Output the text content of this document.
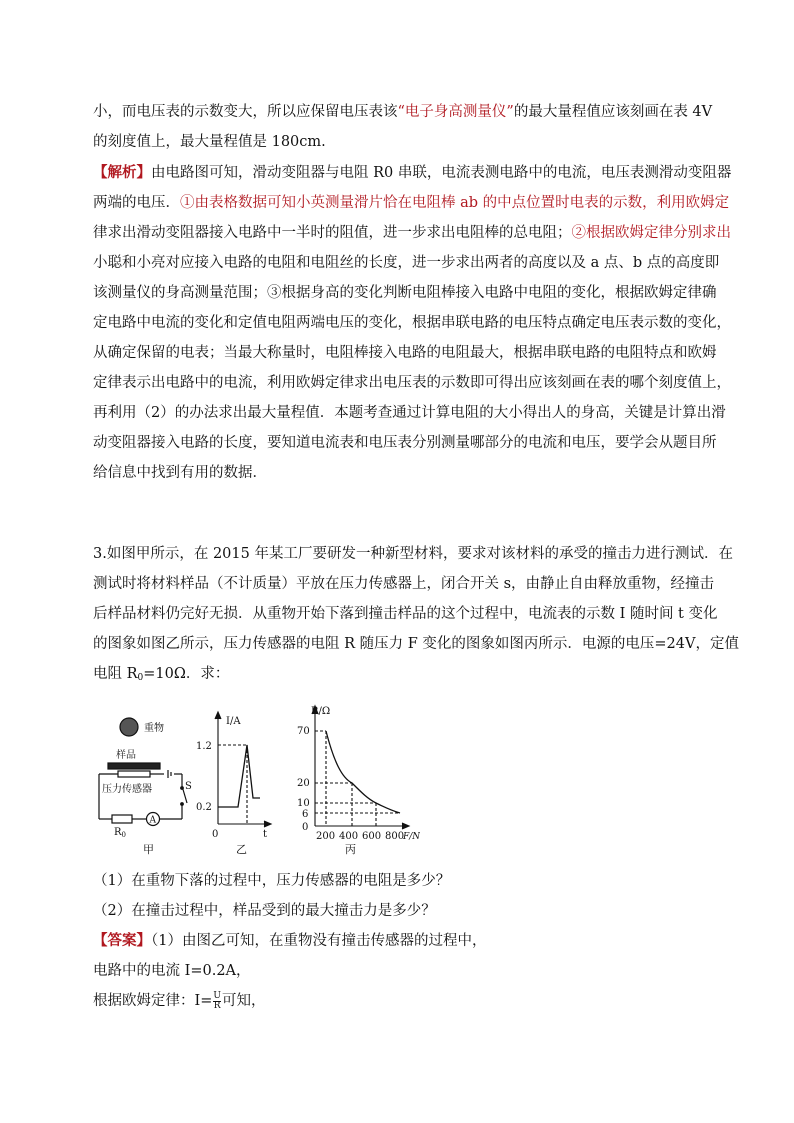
小，而电压表的示数变大，所以应保留电压表该“电子身高测量仪”的最大量程值应该刻画在表 4V
的刻度值上，最大量程值是 180cm.
【解析】由电路图可知，滑动变阻器与电阻 R0 串联，电流表测电路中的电流，电压表测滑动变阻器
两端的电压．①由表格数据可知小英测量滑片恰在电阻棒 ab 的中点位置时电表的示数，利用欧姆定
律求出滑动变阻器接入电路中一半时的阻值，进一步求出电阻棒的总电阻；②根据欧姆定律分别求出
小聪和小亮对应接入电路的电阻和电阻丝的长度，进一步求出两者的高度以及 a 点、b 点的高度即
该测量仪的身高测量范围；③根据身高的变化判断电阻棒接入电路中电阻的变化，根据欧姆定律确
定电路中电流的变化和定值电阻两端电压的变化，根据串联电路的电压特点确定电压表示数的变化，
从确定保留的电表；当最大称量时，电阻棒接入电路的电阻最大，根据串联电路的电阻特点和欧姆
定律表示出电路中的电流，利用欧姆定律求出电压表的示数即可得出应该刻画在表的哪个刻度值上，
再利用（2）的办法求出最大量程值．本题考查通过计算电阻的大小得出人的身高，关键是计算出滑
动变阻器接入电路的长度，要知道电流表和电压表分别测量哪部分的电流和电压，要学会从题目所
给信息中找到有用的数据．
3.如图甲所示，在 2015 年某工厂要研发一种新型材料，要求对该材料的承受的撞击力进行测试．在
测试时将材料样品（不计质量）平放在压力传感器上，闭合开关 s，由静止自由释放重物，经撞击
后样品材料仍完好无损．从重物开始下落到撞击样品的这个过程中，电流表的示数 I 随时间 t 变化
的图象如图乙所示，压力传感器的电阻 R 随压力 F 变化的图象如图丙所示．电源的电压=24V，定值
电阻 $R_0=10\Omega$．求：
重物
样品
S
压力传感器
A
$R_0$
甲
I/A
1.2
0.2
0	t
乙
R/Ω
70
20
10
6
0
200 400 600 800
F/N
丙
（1）在重物下落的过程中，压力传感器的电阻是多少？
（2）在撞击过程中，样品受到的最大撞击力是多少？
【答案】（1）由图乙可知，在重物没有撞击传感器的过程中，
电路中的电流 I=0.2A，
根据欧姆定律：$I= \frac{U}{R}$ 可知，
